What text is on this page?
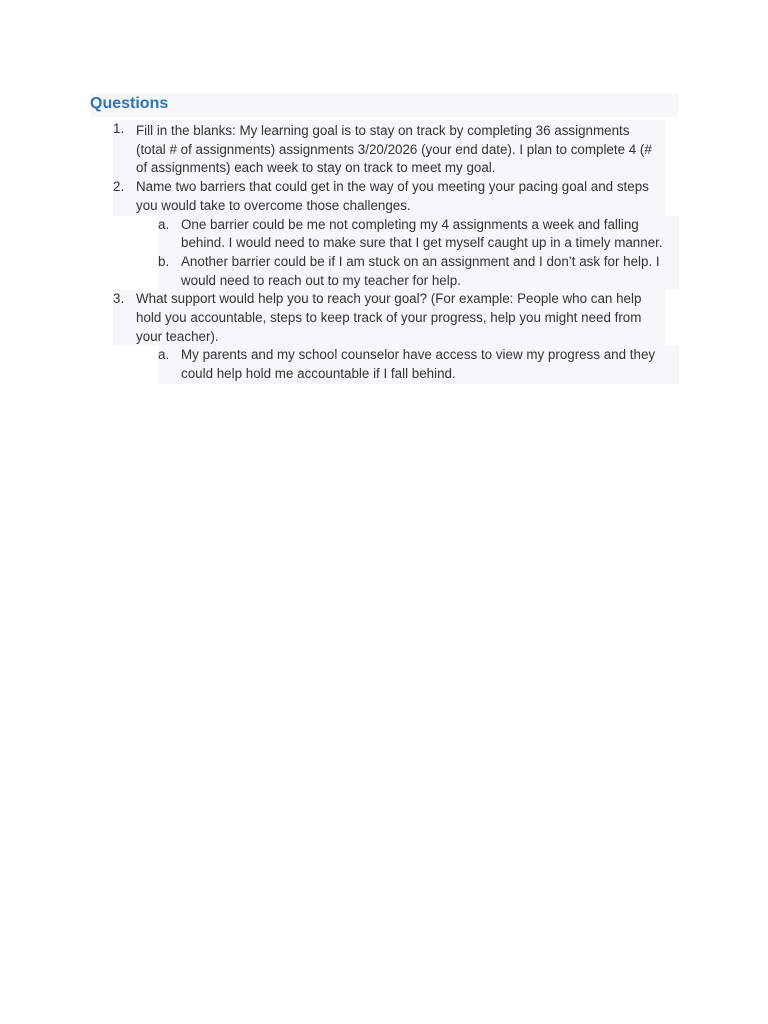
Questions
1. Fill in the blanks: My learning goal is to stay on track by completing 36 assignments (total # of assignments) assignments 3/20/2026 (your end date). I plan to complete 4 (# of assignments) each week to stay on track to meet my goal.
2. Name two barriers that could get in the way of you meeting your pacing goal and steps you would take to overcome those challenges.
a. One barrier could be me not completing my 4 assignments a week and falling behind. I would need to make sure that I get myself caught up in a timely manner.
b. Another barrier could be if I am stuck on an assignment and I don’t ask for help. I would need to reach out to my teacher for help.
3. What support would help you to reach your goal? (For example: People who can help hold you accountable, steps to keep track of your progress, help you might need from your teacher).
a. My parents and my school counselor have access to view my progress and they could help hold me accountable if I fall behind.
